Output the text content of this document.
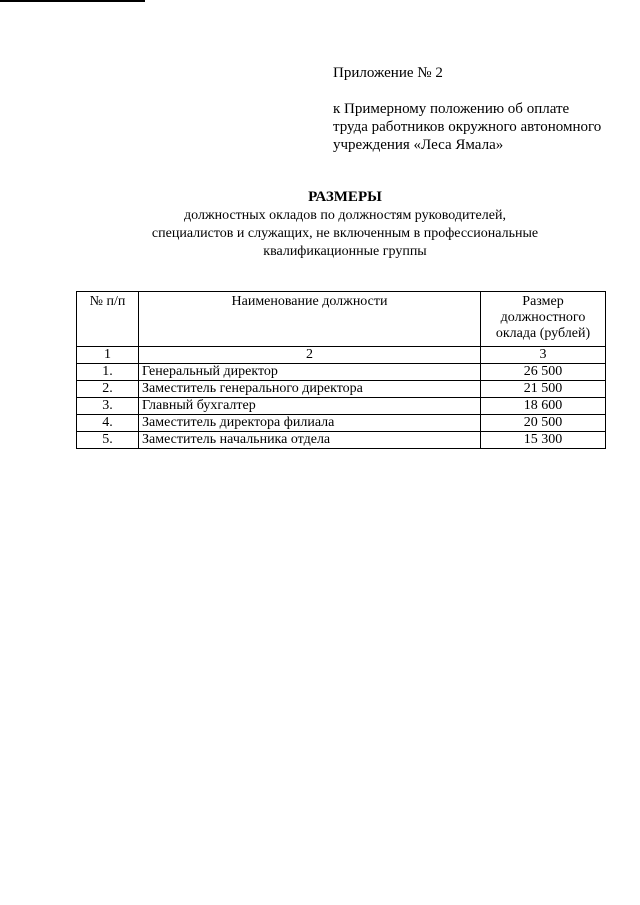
Приложение № 2
к Примерному положению об оплате
труда работников окружного автономного
учреждения «Леса Ямала»
РАЗМЕРЫ
должностных окладов по должностям руководителей,
специалистов и служащих, не включенным в профессиональные
квалификационные группы
№ п/п	Наименование должности	Размер
должностного
оклада (рублей)

1	2	3
1.	Генеральный директор	26 500
2.	Заместитель генерального директора	21 500
3.	Главный бухгалтер	18 600
4.	Заместитель директора филиала	20 500
5.	Заместитель начальника отдела	15 300
